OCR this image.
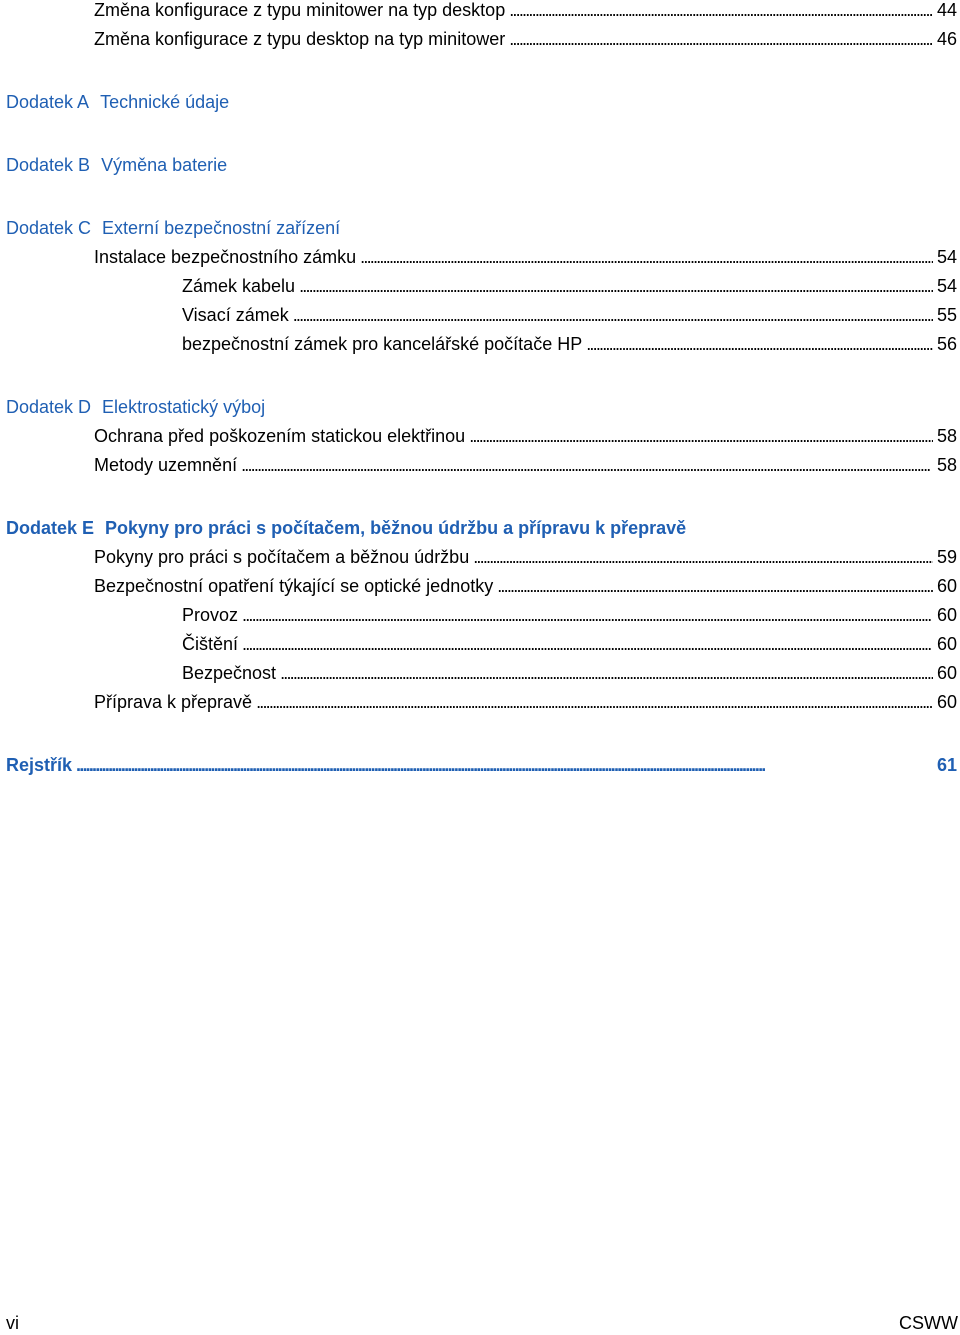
Změna konfigurace z typu minitower na typ desktop . . .	44
Změna konfigurace z typu desktop na typ minitower . . .	46
Dodatek A Technické údaje
Dodatek B Výměna baterie
Dodatek C Externí bezpečnostní zařízení
Instalace bezpečnostního zámku . . .	54
Zámek kabelu . . .	54
Visací zámek . . .	55
bezpečnostní zámek pro kancelářské počítače HP . . .	56
Dodatek D Elektrostatický výboj
Ochrana před poškozením statickou elektřinou . . .	58
Metody uzemnění . . .	58
Dodatek E Pokyny pro práci s počítačem, běžnou údržbu a přípravu k přepravě
Pokyny pro práci s počítačem a běžnou údržbu . . .	59
Bezpečnostní opatření týkající se optické jednotky . . .	60
Provoz . . .	60
Čištění . . .	60
Bezpečnost . . .	60
Příprava k přepravě . . .	60
Rejstřík . . .	61
vi	CSWW
